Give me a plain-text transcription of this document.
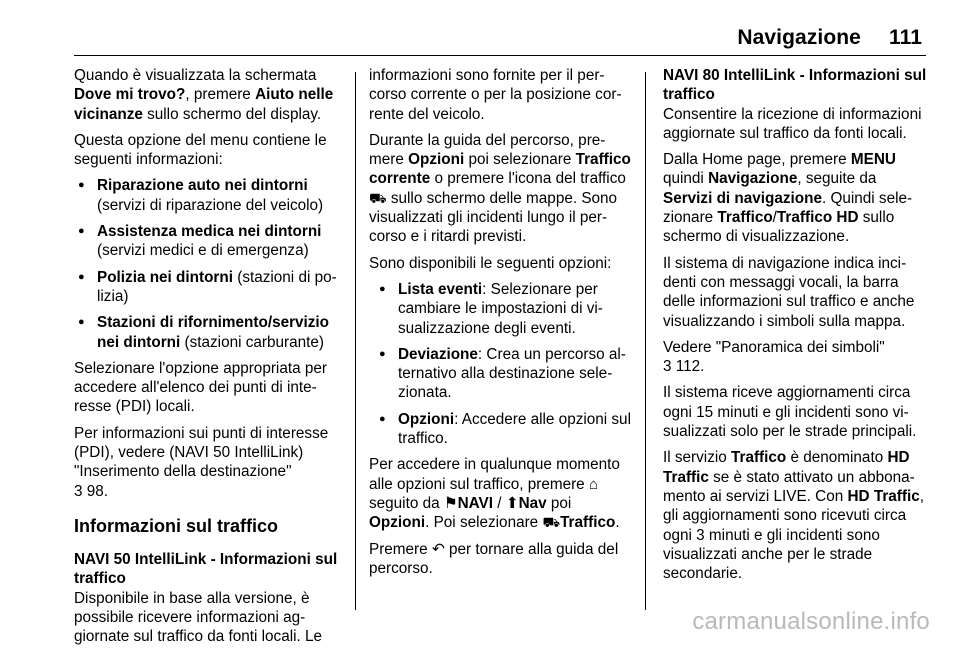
Navigazione 111

Quando è visualizzata la schermata Dove mi trovo?, premere Aiuto nelle vicinanze sullo schermo del display.

Questa opzione del menu contiene le seguenti informazioni:

● Riparazione auto nei dintorni
(servizi di riparazione del veicolo)
● Assistenza medica nei dintorni
(servizi medici e di emergenza)
● Polizia nei dintorni (stazioni di polizia)
● Stazioni di rifornimento/servizio nei dintorni (stazioni carburante)

Selezionare l'opzione appropriata per accedere all'elenco dei punti di interesse (PDI) locali.

Per informazioni sui punti di interesse (PDI), vedere (NAVI 50 IntelliLink) "Inserimento della destinazione"
3 98.

Informazioni sul traffico

NAVI 50 IntelliLink - Informazioni sul traffico

Disponibile in base alla versione, è possibile ricevere informazioni aggiornate sul traffico da fonti locali. Le

informazioni sono fornite per il percorso corrente o per la posizione corrente del veicolo.

Durante la guida del percorso, premere Opzioni poi selezionare Traffico corrente o premere l'icona del traffico ⛟ sullo schermo delle mappe. Sono visualizzati gli incidenti lungo il percorso e i ritardi previsti.

Sono disponibili le seguenti opzioni:

● Lista eventi: Selezionare per cambiare le impostazioni di visualizzazione degli eventi.
● Deviazione: Crea un percorso alternativo alla destinazione selezionata.
● Opzioni: Accedere alle opzioni sul traffico.

Per accedere in qualunque momento alle opzioni sul traffico, premere ⌂
seguito da ⚑NAVI / ⬆Nav poi
Opzioni. Poi selezionare ⛟Traffico.

Premere ↶ per tornare alla guida del percorso.

NAVI 80 IntelliLink - Informazioni sul traffico

Consentire la ricezione di informazioni aggiornate sul traffico da fonti locali.

Dalla Home page, premere MENU
quindi Navigazione, seguite da
Servizi di navigazione. Quindi selezionare Traffico/Traffico HD sullo schermo di visualizzazione.

Il sistema di navigazione indica incidenti con messaggi vocali, la barra delle informazioni sul traffico e anche visualizzando i simboli sulla mappa.

Vedere "Panoramica dei simboli"
3 112.

Il sistema riceve aggiornamenti circa ogni 15 minuti e gli incidenti sono visualizzati solo per le strade principali.

Il servizio Traffico è denominato HD Traffic se è stato attivato un abbonamento ai servizi LIVE. Con HD Traffic, gli aggiornamenti sono ricevuti circa ogni 3 minuti e gli incidenti sono visualizzati anche per le strade secondarie.

carmanualsonline.info
